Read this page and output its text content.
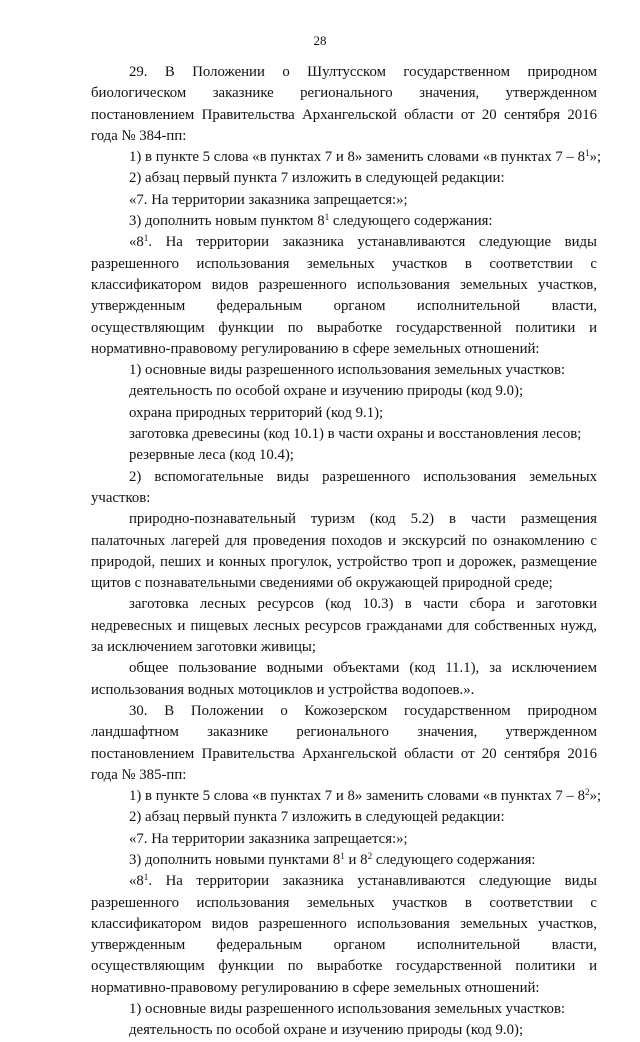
28

29. В Положении о Шултусском государственном природном биологическом заказнике регионального значения, утвержденном постановлением Правительства Архангельской области от 20 сентября 2016 года № 384-пп:

1) в пункте 5 слова «в пунктах 7 и 8» заменить словами «в пунктах $7 - 8^1$»;

2) абзац первый пункта 7 изложить в следующей редакции:

«7. На территории заказника запрещается:»;

3) дополнить новым пунктом $8^1$ следующего содержания:

«$8^1$. На территории заказника устанавливаются следующие виды разрешенного использования земельных участков в соответствии с классификатором видов разрешенного использования земельных участков, утвержденным федеральным органом исполнительной власти, осуществляющим функции по выработке государственной политики и нормативно-правовому регулированию в сфере земельных отношений:

1) основные виды разрешенного использования земельных участков:

деятельность по особой охране и изучению природы (код 9.0);

охрана природных территорий (код 9.1);

заготовка древесины (код 10.1) в части охраны и восстановления лесов;

резервные леса (код 10.4);

2) вспомогательные виды разрешенного использования земельных участков:

природно-познавательный туризм (код 5.2) в части размещения палаточных лагерей для проведения походов и экскурсий по ознакомлению с природой, пеших и конных прогулок, устройство троп и дорожек, размещение щитов с познавательными сведениями об окружающей природной среде;

заготовка лесных ресурсов (код 10.3) в части сбора и заготовки недревесных и пищевых лесных ресурсов гражданами для собственных нужд, за исключением заготовки живицы;

общее пользование водными объектами (код 11.1), за исключением использования водных мотоциклов и устройства водопоев.».

30. В Положении о Кожозерском государственном природном ландшафтном заказнике регионального значения, утвержденном постановлением Правительства Архангельской области от 20 сентября 2016 года № 385-пп:

1) в пункте 5 слова «в пунктах 7 и 8» заменить словами «в пунктах $7 - 8^2$»;

2) абзац первый пункта 7 изложить в следующей редакции:

«7. На территории заказника запрещается:»;

3) дополнить новыми пунктами $8^1$ и $8^2$ следующего содержания:

«$8^1$. На территории заказника устанавливаются следующие виды разрешенного использования земельных участков в соответствии с классификатором видов разрешенного использования земельных участков, утвержденным федеральным органом исполнительной власти, осуществляющим функции по выработке государственной политики и нормативно-правовому регулированию в сфере земельных отношений:

1) основные виды разрешенного использования земельных участков:

деятельность по особой охране и изучению природы (код 9.0);
